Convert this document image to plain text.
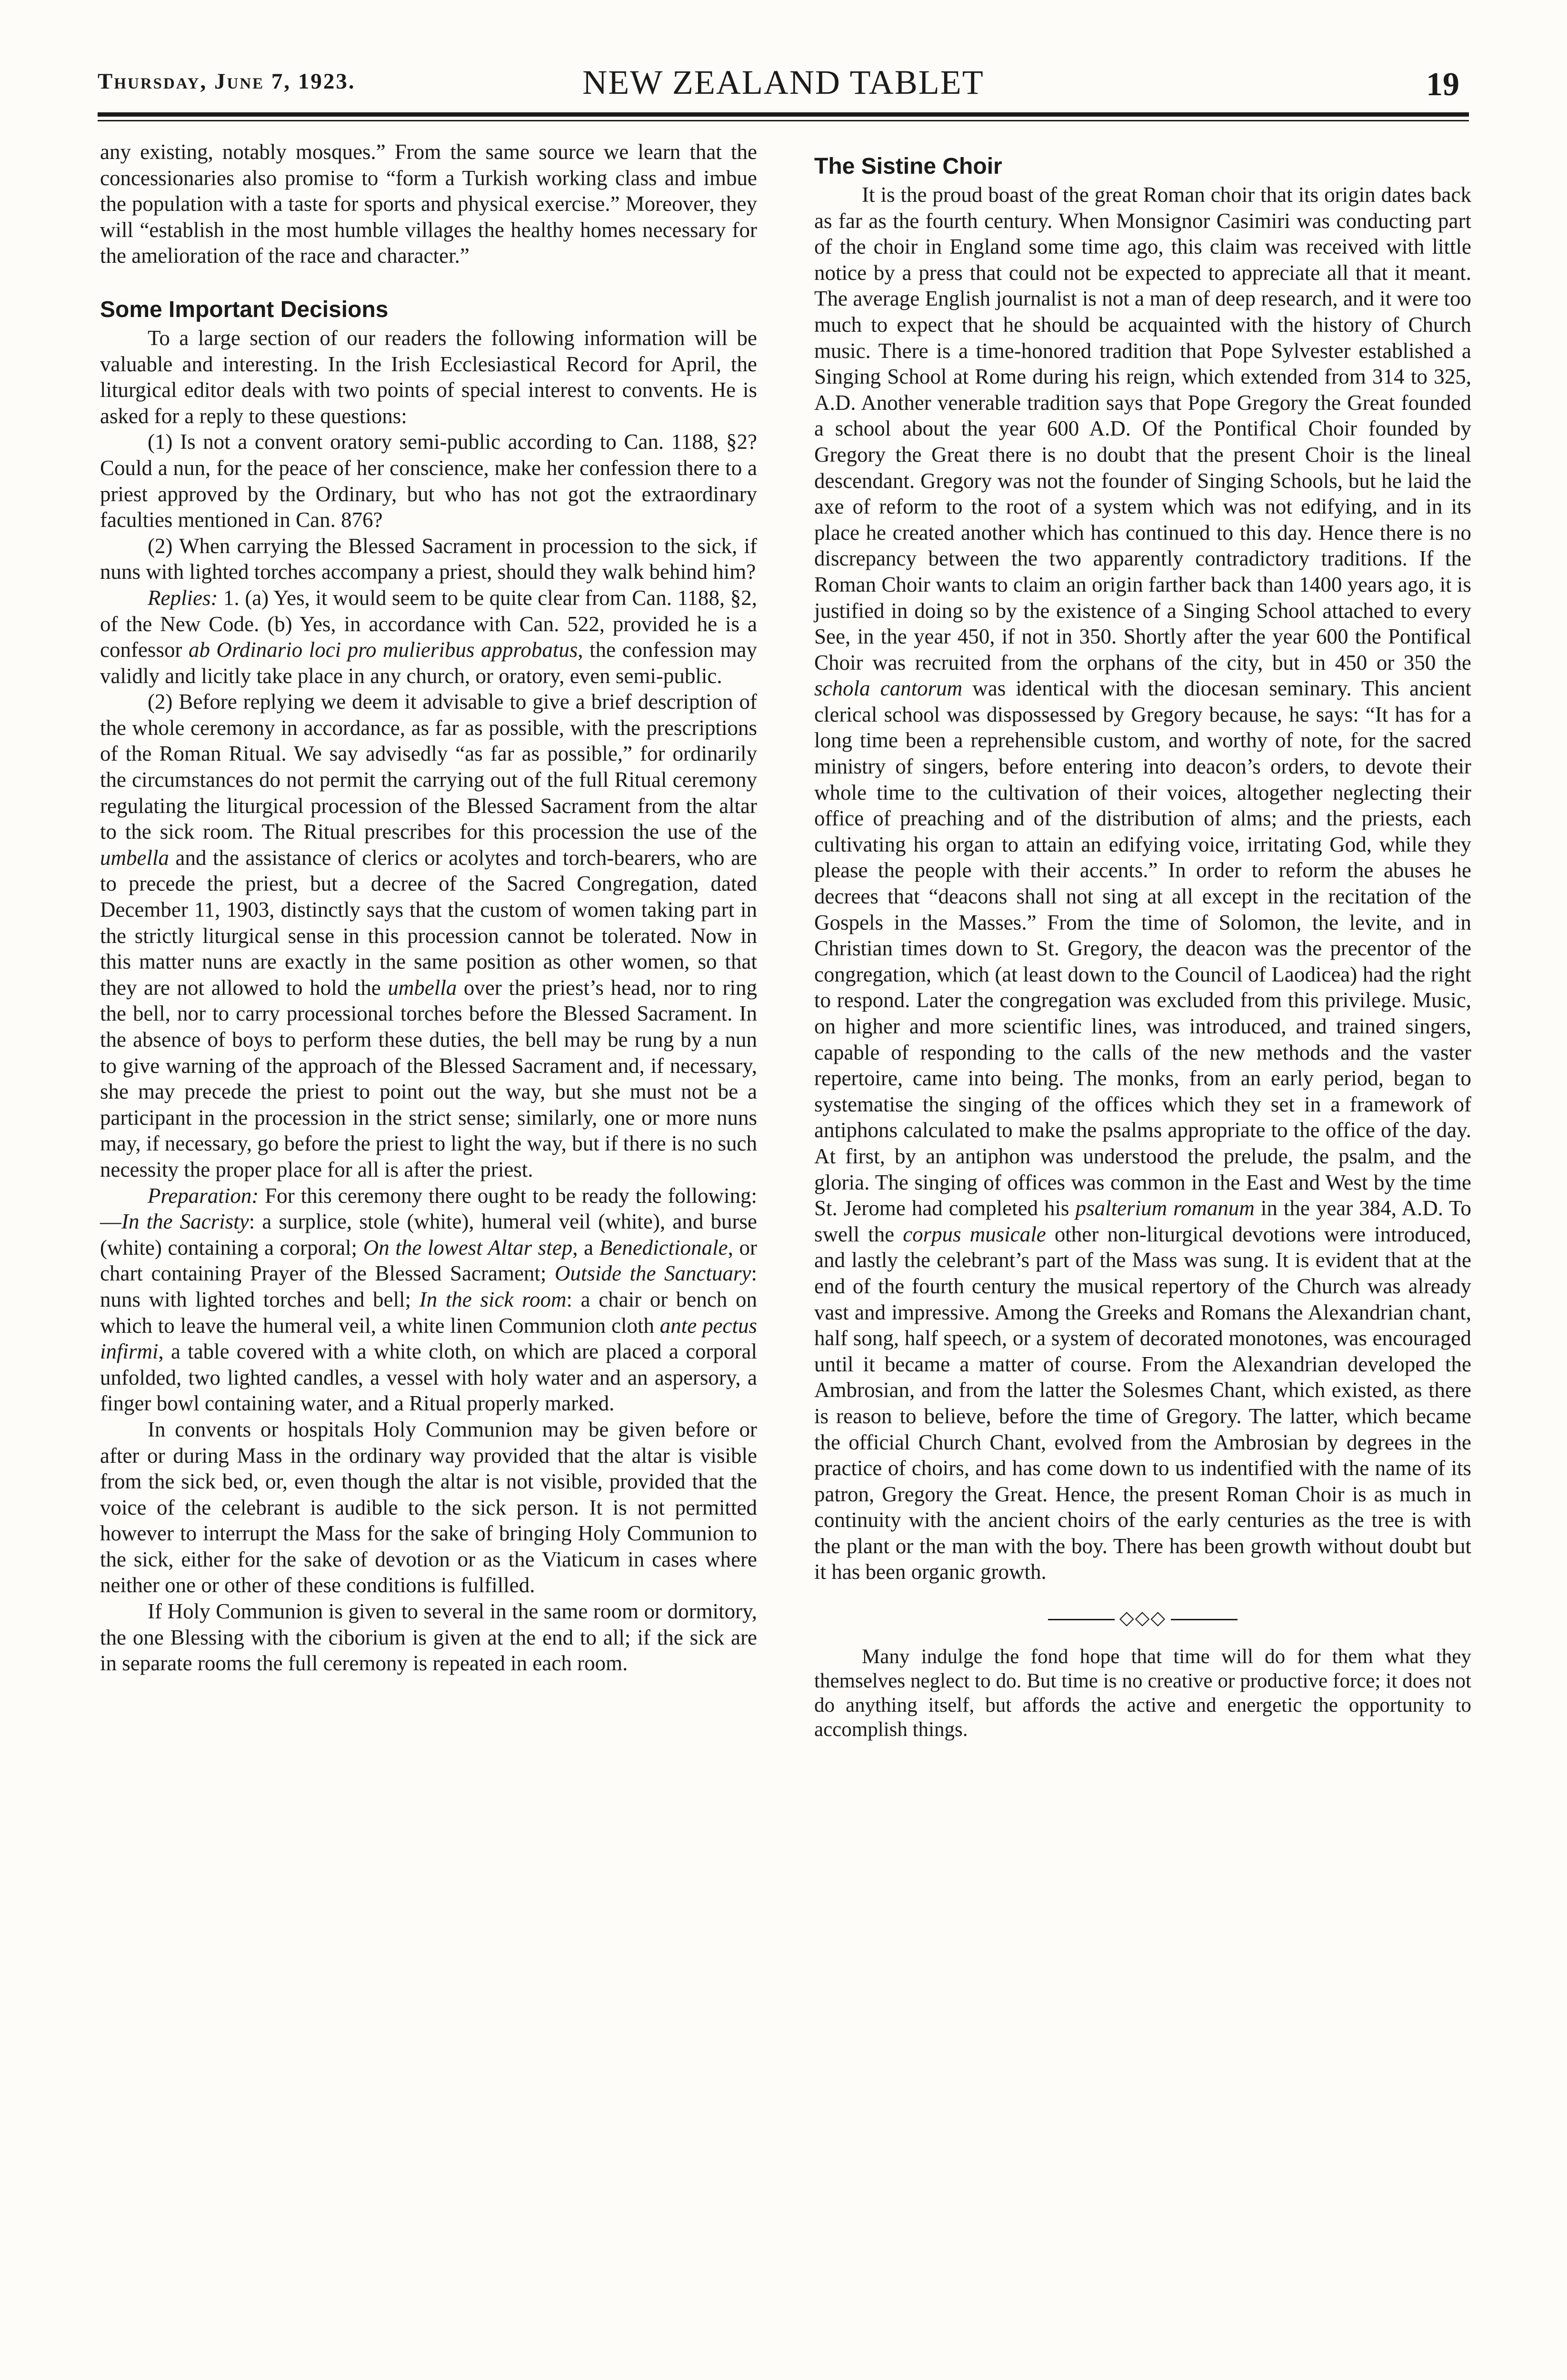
Thursday, June 7, 1923.	NEW ZEALAND TABLET	19

any existing, notably mosques.” From the same source we learn that the concessionaries also promise to “form a Turkish working class and imbue the population with a taste for sports and physical exercise.” Moreover, they will “establish in the most humble villages the healthy homes necessary for the amelioration of the race and character.”

Some Important Decisions

To a large section of our readers the following information will be valuable and interesting. In the Irish Ecclesiastical Record for April, the liturgical editor deals with two points of special interest to convents. He is asked for a reply to these questions:

(1) Is not a convent oratory semi-public according to Can. 1188, §2? Could a nun, for the peace of her conscience, make her confession there to a priest approved by the Ordinary, but who has not got the extraordinary faculties mentioned in Can. 876?

(2) When carrying the Blessed Sacrament in procession to the sick, if nuns with lighted torches accompany a priest, should they walk behind him?

Replies: 1. (a) Yes, it would seem to be quite clear from Can. 1188, §2, of the New Code. (b) Yes, in accordance with Can. 522, provided he is a confessor ab Ordinario loci pro mulieribus approbatus, the confession may validly and licitly take place in any church, or oratory, even semi-public.

(2) Before replying we deem it advisable to give a brief description of the whole ceremony in accordance, as far as possible, with the prescriptions of the Roman Ritual. We say advisedly “as far as possible,” for ordinarily the circumstances do not permit the carrying out of the full Ritual ceremony regulating the liturgical procession of the Blessed Sacrament from the altar to the sick room. The Ritual prescribes for this procession the use of the umbella and the assistance of clerics or acolytes and torch-bearers, who are to precede the priest, but a decree of the Sacred Congregation, dated December 11, 1903, distinctly says that the custom of women taking part in the strictly liturgical sense in this procession cannot be tolerated. Now in this matter nuns are exactly in the same position as other women, so that they are not allowed to hold the umbella over the priest’s head, nor to ring the bell, nor to carry processional torches before the Blessed Sacrament. In the absence of boys to perform these duties, the bell may be rung by a nun to give warning of the approach of the Blessed Sacrament and, if necessary, she may precede the priest to point out the way, but she must not be a participant in the procession in the strict sense; similarly, one or more nuns may, if necessary, go before the priest to light the way, but if there is no such necessity the proper place for all is after the priest.

Preparation: For this ceremony there ought to be ready the following:—In the Sacristy: a surplice, stole (white), humeral veil (white), and burse (white) containing a corporal; On the lowest Altar step, a Benedictionale, or chart containing Prayer of the Blessed Sacrament; Outside the Sanctuary: nuns with lighted torches and bell; In the sick room: a chair or bench on which to leave the humeral veil, a white linen Communion cloth ante pectus infirmi, a table covered with a white cloth, on which are placed a corporal unfolded, two lighted candles, a vessel with holy water and an aspersory, a finger bowl containing water, and a Ritual properly marked.

In convents or hospitals Holy Communion may be given before or after or during Mass in the ordinary way provided that the altar is visible from the sick bed, or, even though the altar is not visible, provided that the voice of the celebrant is audible to the sick person. It is not permitted however to interrupt the Mass for the sake of bringing Holy Communion to the sick, either for the sake of devotion or as the Viaticum in cases where neither one or other of these conditions is fulfilled.

If Holy Communion is given to several in the same room or dormitory, the one Blessing with the ciborium is given at the end to all; if the sick are in separate rooms the full ceremony is repeated in each room.

The Sistine Choir

It is the proud boast of the great Roman choir that its origin dates back as far as the fourth century. When Monsignor Casimiri was conducting part of the choir in England some time ago, this claim was received with little notice by a press that could not be expected to appreciate all that it meant. The average English journalist is not a man of deep research, and it were too much to expect that he should be acquainted with the history of Church music. There is a time-honored tradition that Pope Sylvester established a Singing School at Rome during his reign, which extended from 314 to 325, A.D. Another venerable tradition says that Pope Gregory the Great founded a school about the year 600 A.D. Of the Pontifical Choir founded by Gregory the Great there is no doubt that the present Choir is the lineal descendant. Gregory was not the founder of Singing Schools, but he laid the axe of reform to the root of a system which was not edifying, and in its place he created another which has continued to this day. Hence there is no discrepancy between the two apparently contradictory traditions. If the Roman Choir wants to claim an origin farther back than 1400 years ago, it is justified in doing so by the existence of a Singing School attached to every See, in the year 450, if not in 350. Shortly after the year 600 the Pontifical Choir was recruited from the orphans of the city, but in 450 or 350 the schola cantorum was identical with the diocesan seminary. This ancient clerical school was dispossessed by Gregory because, he says: “It has for a long time been a reprehensible custom, and worthy of note, for the sacred ministry of singers, before entering into deacon’s orders, to devote their whole time to the cultivation of their voices, altogether neglecting their office of preaching and of the distribution of alms; and the priests, each cultivating his organ to attain an edifying voice, irritating God, while they please the people with their accents.” In order to reform the abuses he decrees that “deacons shall not sing at all except in the recitation of the Gospels in the Masses.” From the time of Solomon, the levite, and in Christian times down to St. Gregory, the deacon was the precentor of the congregation, which (at least down to the Council of Laodicea) had the right to respond. Later the congregation was excluded from this privilege. Music, on higher and more scientific lines, was introduced, and trained singers, capable of responding to the calls of the new methods and the vaster repertoire, came into being. The monks, from an early period, began to systematise the singing of the offices which they set in a framework of antiphons calculated to make the psalms appropriate to the office of the day. At first, by an antiphon was understood the prelude, the psalm, and the gloria. The singing of offices was common in the East and West by the time St. Jerome had completed his psalterium romanum in the year 384, A.D. To swell the corpus musicale other non-liturgical devotions were introduced, and lastly the celebrant’s part of the Mass was sung. It is evident that at the end of the fourth century the musical repertory of the Church was already vast and impressive. Among the Greeks and Romans the Alexandrian chant, half song, half speech, or a system of decorated monotones, was encouraged until it became a matter of course. From the Alexandrian developed the Ambrosian, and from the latter the Solesmes Chant, which existed, as there is reason to believe, before the time of Gregory. The latter, which became the official Church Chant, evolved from the Ambrosian by degrees in the practice of choirs, and has come down to us indentified with the name of its patron, Gregory the Great. Hence, the present Roman Choir is as much in continuity with the ancient choirs of the early centuries as the tree is with the plant or the man with the boy. There has been growth without doubt but it has been organic growth.

◇◇◇

Many indulge the fond hope that time will do for them what they themselves neglect to do. But time is no creative or productive force; it does not do anything itself, but affords the active and energetic the opportunity to accomplish things.
